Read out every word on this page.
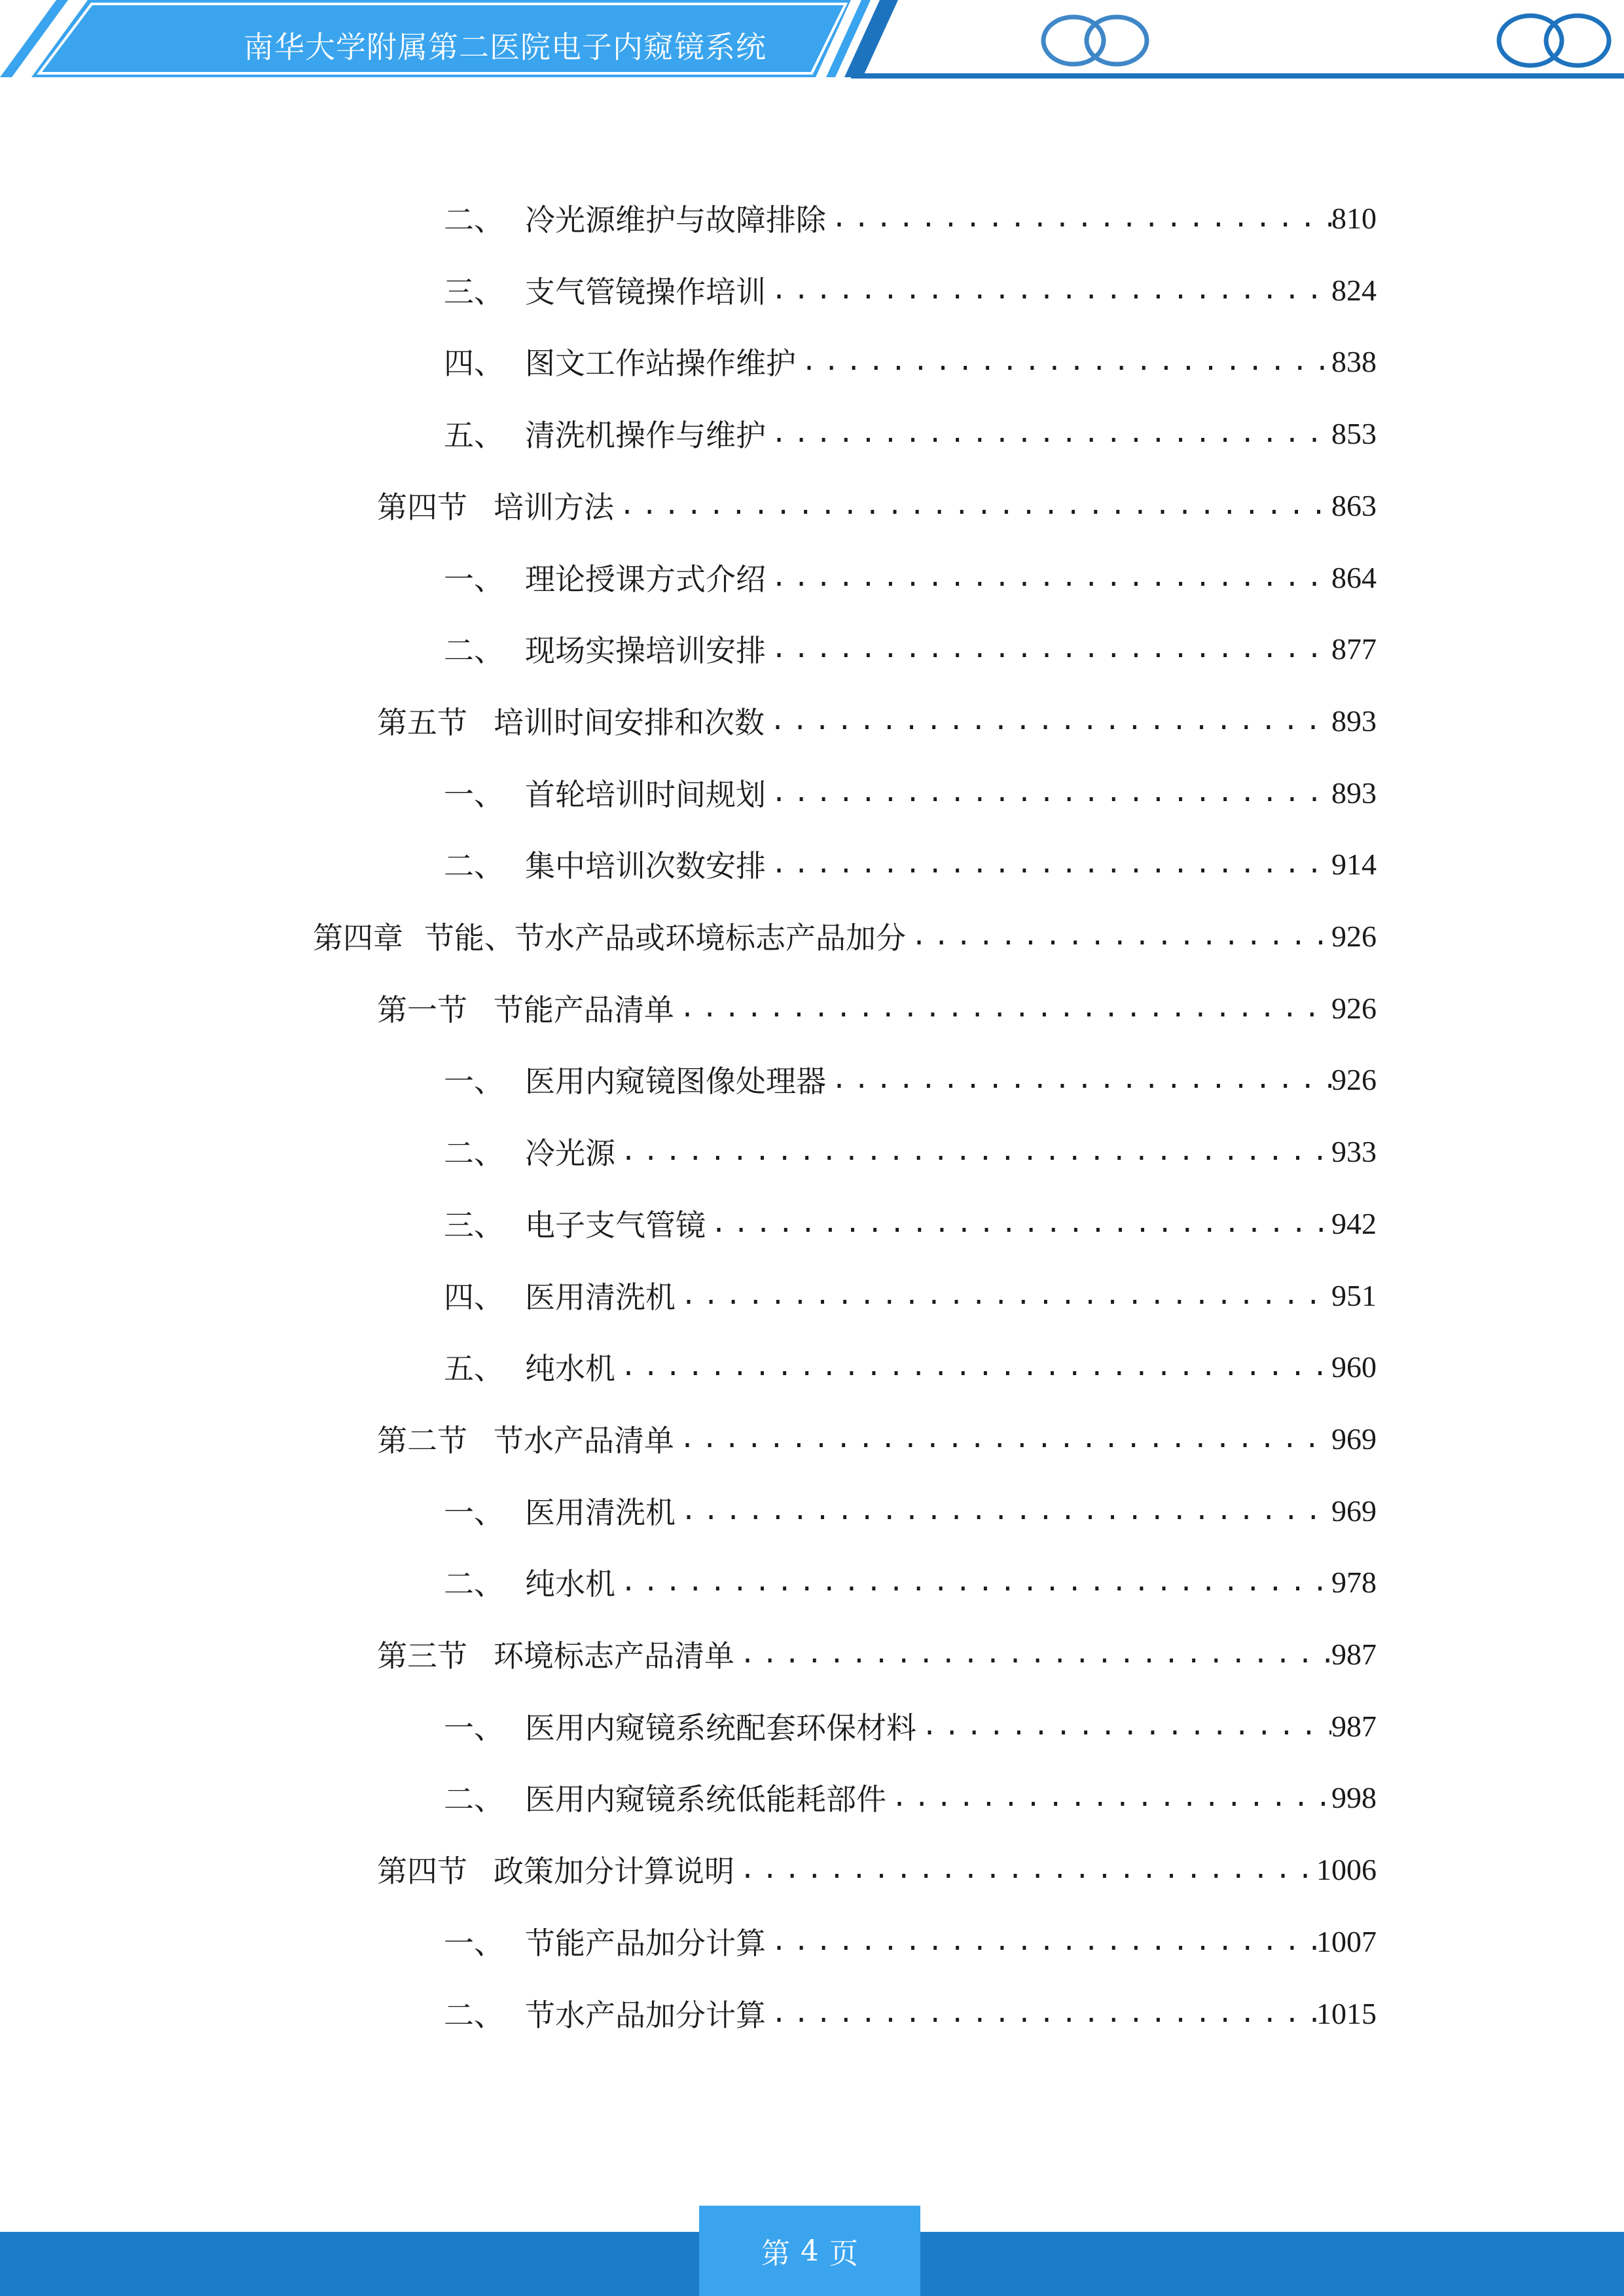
南华大学附属第二医院电子内窥镜系统
二、 冷光源维护与故障排除 .....	810
三、 支气管镜操作培训 .....	824
四、 图文工作站操作维护 .....	838
五、 清洗机操作与维护 .....	853
第四节 培训方法 .....	863
一、 理论授课方式介绍 .....	864
二、 现场实操培训安排 .....	877
第五节 培训时间安排和次数 .....	893
一、 首轮培训时间规划 .....	893
二、 集中培训次数安排 .....	914
第四章 节能、节水产品或环境标志产品加分 .....	926
第一节 节能产品清单 .....	926
一、 医用内窥镜图像处理器 .....	926
二、 冷光源 .....	933
三、 电子支气管镜 .....	942
四、 医用清洗机 .....	951
五、 纯水机 .....	960
第二节 节水产品清单 .....	969
一、 医用清洗机 .....	969
二、 纯水机 .....	978
第三节 环境标志产品清单 .....	987
一、 医用内窥镜系统配套环保材料 .....	987
二、 医用内窥镜系统低能耗部件 .....	998
第四节 政策加分计算说明 .....	1006
一、 节能产品加分计算 .....	1007
二、 节水产品加分计算 .....	1015
第 4 页
